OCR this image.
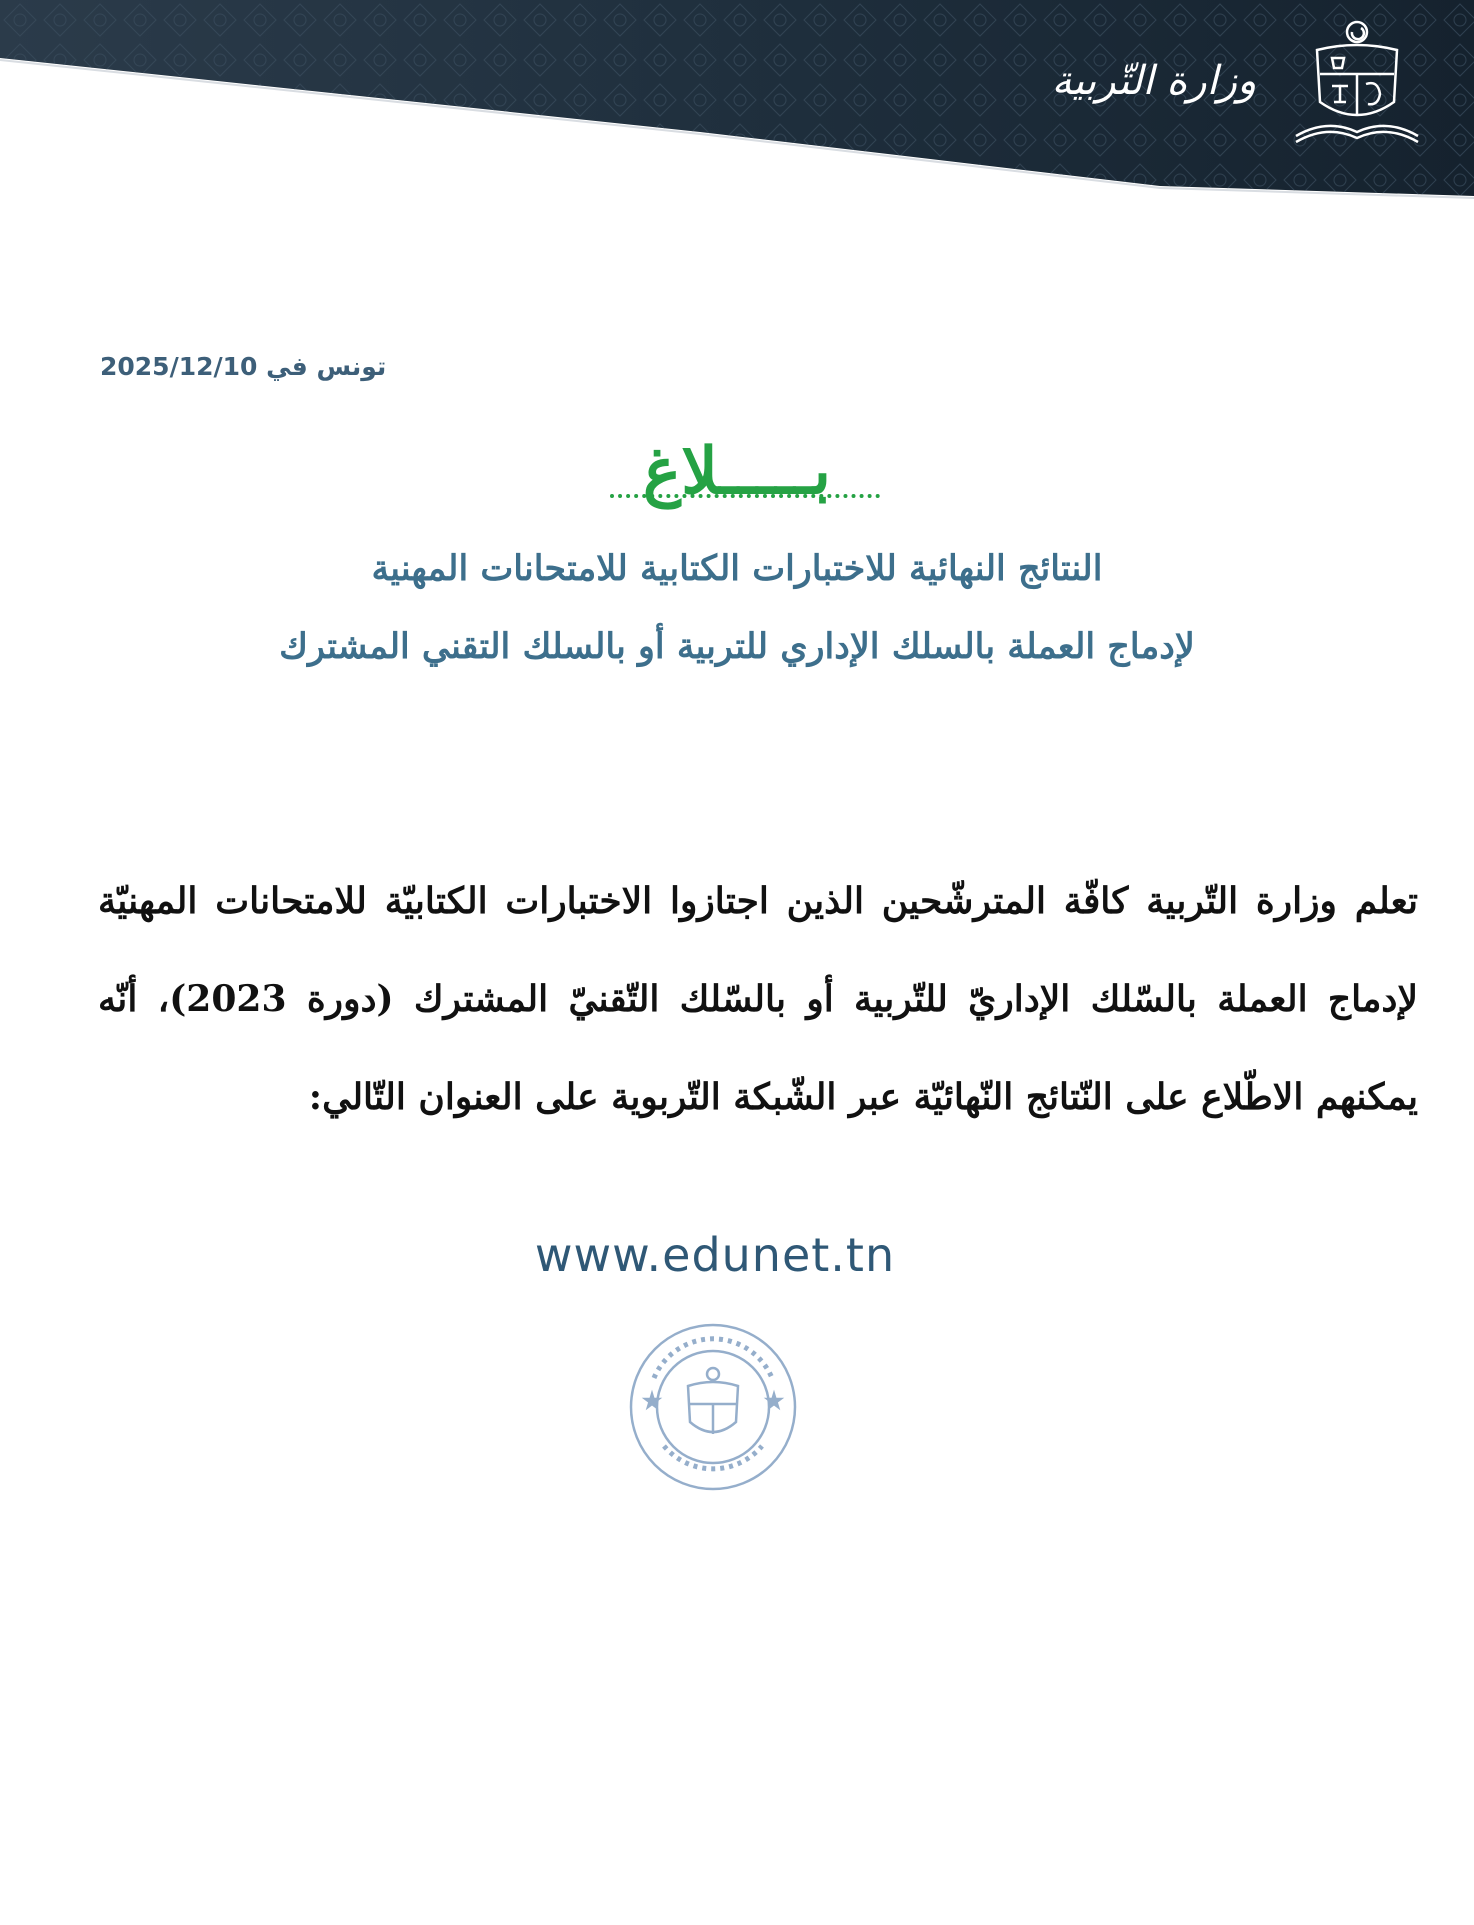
وزارة التّربية
تونس في 2025/12/10
بـــــلاغ
النتائج النهائية للاختبارات الكتابية للامتحانات المهنية
لإدماج العملة بالسلك الإداري للتربية أو بالسلك التقني المشترك
تعلم وزارة التّربية كافّة المترشّحين الذين اجتازوا الاختبارات الكتابيّة للامتحانات المهنيّة لإدماج العملة بالسّلك الإداريّ للتّربية أو بالسّلك التّقنيّ المشترك (دورة 2023)، أنّه يمكنهم الاطّلاع على النّتائج النّهائيّة عبر الشّبكة التّربوية على العنوان التّالي:
www.edunet.tn
